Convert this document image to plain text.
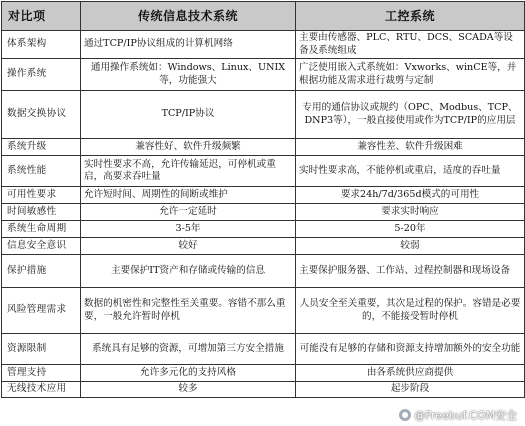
对比项	传统信息技术系统	工控系统
体系架构	通过TCP/IP协议组成的计算机网络	主要由传感器、PLC、RTU、DCS、SCADA等设备及系统组成
操作系统	通用操作系统如：Windows、Linux、UNIX等，功能强大	广泛使用嵌入式系统如：Vxworks、winCE等，并根据功能及需求进行裁剪与定制
数据交换协议	TCP/IP协议	专用的通信协议或规约（OPC、Modbus、TCP、DNP3等），一般直接使用或作为TCP/IP的应用层
系统升级	兼容性好、软件升级频繁	兼容性差、软件升级困难
系统性能	实时性要求不高，允许传输延迟，可停机或重启，高要求吞吐量	实时性要求高，不能停机或重启，适度的吞吐量
可用性要求	允许短时间、周期性的间断或维护	要求24h/7d/365d模式的可用性
时间敏感性	允许一定延时	要求实时响应
系统生命周期	3-5年	5-20年
信息安全意识	较好	较弱
保护措施	主要保护IT资产和存储或传输的信息	主要保护服务器、工作站、过程控制器和现场设备
风险管理需求	数据的机密性和完整性至关重要。容错不那么重要，一般允许暂时停机	人员安全至关重要，其次是过程的保护。容错是必要的，不能接受暂时停机
资源限制	系统具有足够的资源，可增加第三方安全措施	可能没有足够的存储和资源支持增加额外的安全功能
管理支持	允许多元化的支持风格	由各系统供应商提供
无线技术应用	较多	起步阶段
@Freebuf.COM安全
